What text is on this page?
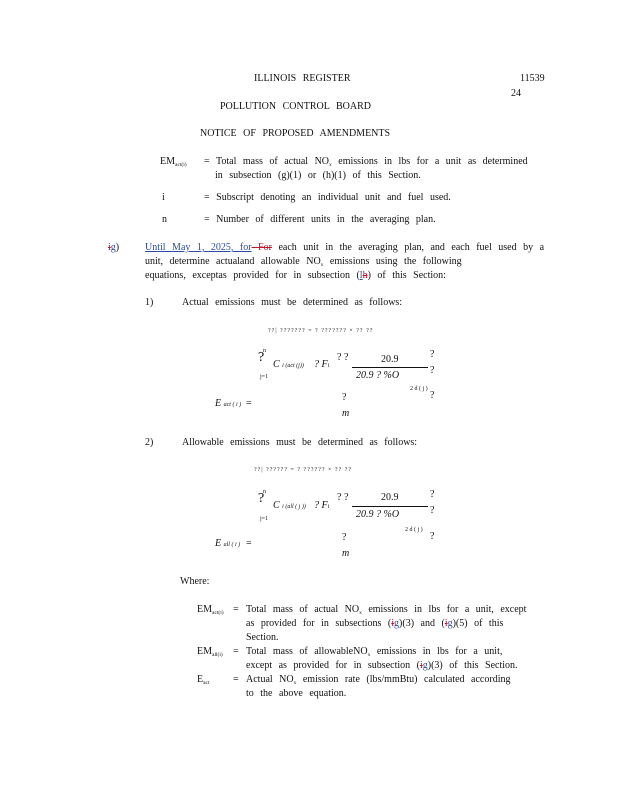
ILLINOIS REGISTER	11539
24
POLLUTION CONTROL BOARD
NOTICE OF PROPOSED AMENDMENTS
$EM_{act(i)}$ = Total mass of actual $NO_x$ emissions in lbs for a unit as determined
in subsection (g)(1) or (h)(1) of this Section.
i	= Subscript denoting an individual unit and fuel used.
n	= Number of different units in the averaging plan.
ig)	Until May 1, 2025, for For each unit in the averaging plan, and each fuel used by a
unit, determine actualand allowable $NO_x$ emissions using the following
equations, exceptas provided for in subsection (lh) of this Section:
1)	Actual emissions must be determined as follows:
??| ??????? = ? ??????? × ?? ??
?
n
j=1
C i (act (j)) ? Fi
? ?	20.9
20.9 ? %O
?
?
2 d ( j )
?
E act ( i ) =
?
m
2)	Allowable emissions must be determined as follows:
??| ?????? = ? ?????? × ?? ??
?
n
j=1
C i (all ( j )) ? Fi
? ?	20.9
20.9 ? %O
?
?
2 d ( j )
?
E all ( i ) =
?
m
Where:
$EM_{act(i)}$ = Total mass of actual $NO_x$ emissions in lbs for a unit, except
as provided for in subsections (ig)(3) and (ig)(5) of this
Section.
$EM_{all(i)}$ = Total mass of allowableNO$_x$ emissions in lbs for a unit,
except as provided for in subsection (ig)(3) of this Section.
$E_{act}$ = Actual $NO_x$ emission rate (lbs/mmBtu) calculated according
to the above equation.
